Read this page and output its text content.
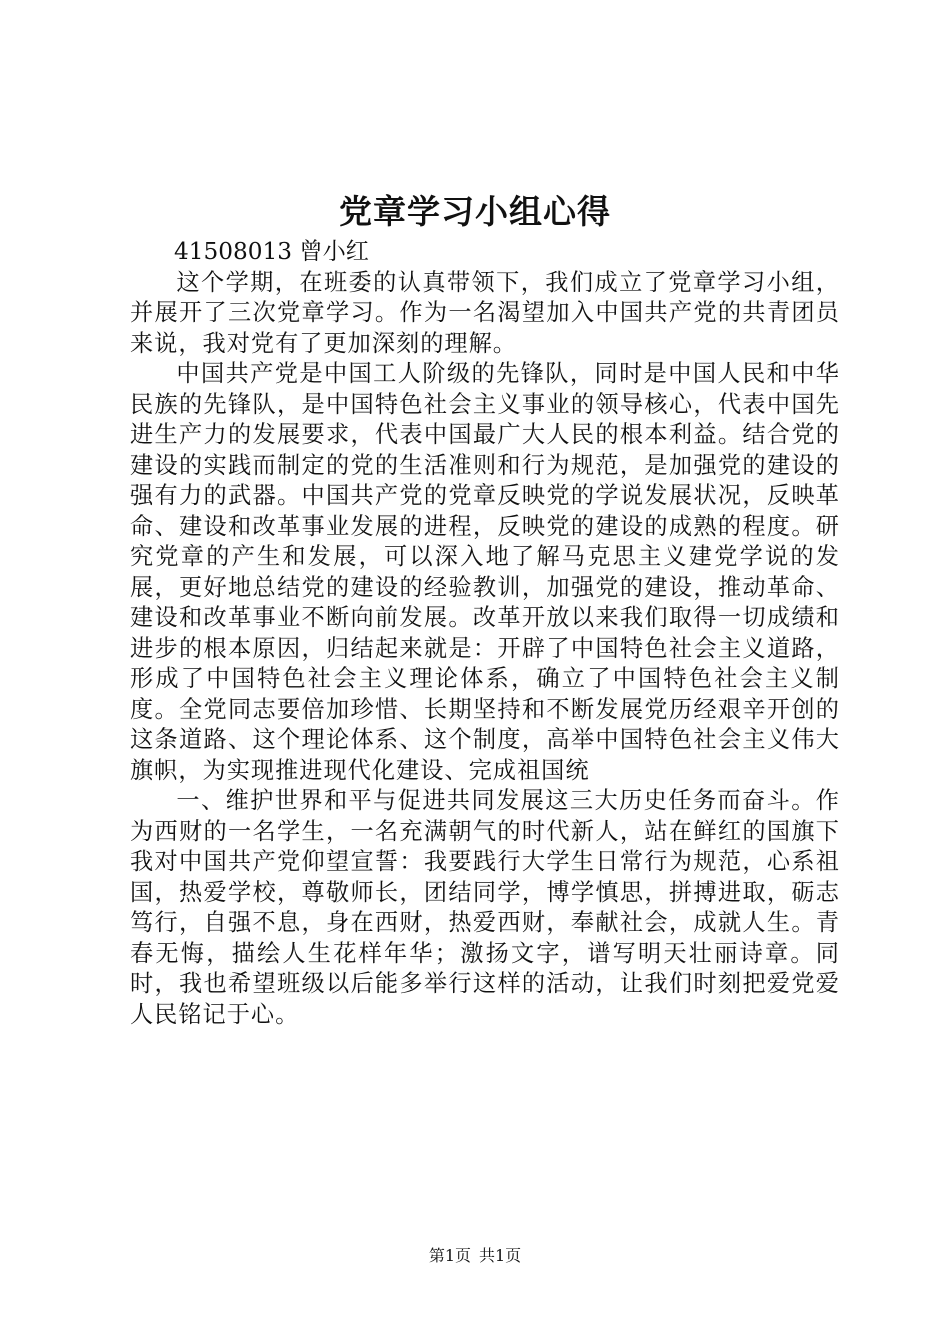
党章学习小组心得

41508013 曾小红

这个学期，在班委的认真带领下，我们成立了党章学习小组，并展开了三次党章学习。作为一名渴望加入中国共产党的共青团员来说，我对党有了更加深刻的理解。

中国共产党是中国工人阶级的先锋队，同时是中国人民和中华民族的先锋队，是中国特色社会主义事业的领导核心，代表中国先进生产力的发展要求，代表中国最广大人民的根本利益。结合党的建设的实践而制定的党的生活准则和行为规范，是加强党的建设的强有力的武器。中国共产党的党章反映党的学说发展状况，反映革命、建设和改革事业发展的进程，反映党的建设的成熟的程度。研究党章的产生和发展，可以深入地了解马克思主义建党学说的发展，更好地总结党的建设的经验教训，加强党的建设，推动革命、建设和改革事业不断向前发展。改革开放以来我们取得一切成绩和进步的根本原因，归结起来就是：开辟了中国特色社会主义道路，形成了中国特色社会主义理论体系，确立了中国特色社会主义制度。全党同志要倍加珍惜、长期坚持和不断发展党历经艰辛开创的这条道路、这个理论体系、这个制度，高举中国特色社会主义伟大旗帜，为实现推进现代化建设、完成祖国统

一、维护世界和平与促进共同发展这三大历史任务而奋斗。作为西财的一名学生，一名充满朝气的时代新人，站在鲜红的国旗下我对中国共产党仰望宣誓：我要践行大学生日常行为规范，心系祖国，热爱学校，尊敬师长，团结同学，博学慎思，拼搏进取，砺志笃行，自强不息，身在西财，热爱西财，奉献社会，成就人生。青春无悔，描绘人生花样年华；激扬文字，谱写明天壮丽诗章。同时，我也希望班级以后能多举行这样的活动，让我们时刻把爱党爱人民铭记于心。

第1页 共1页
